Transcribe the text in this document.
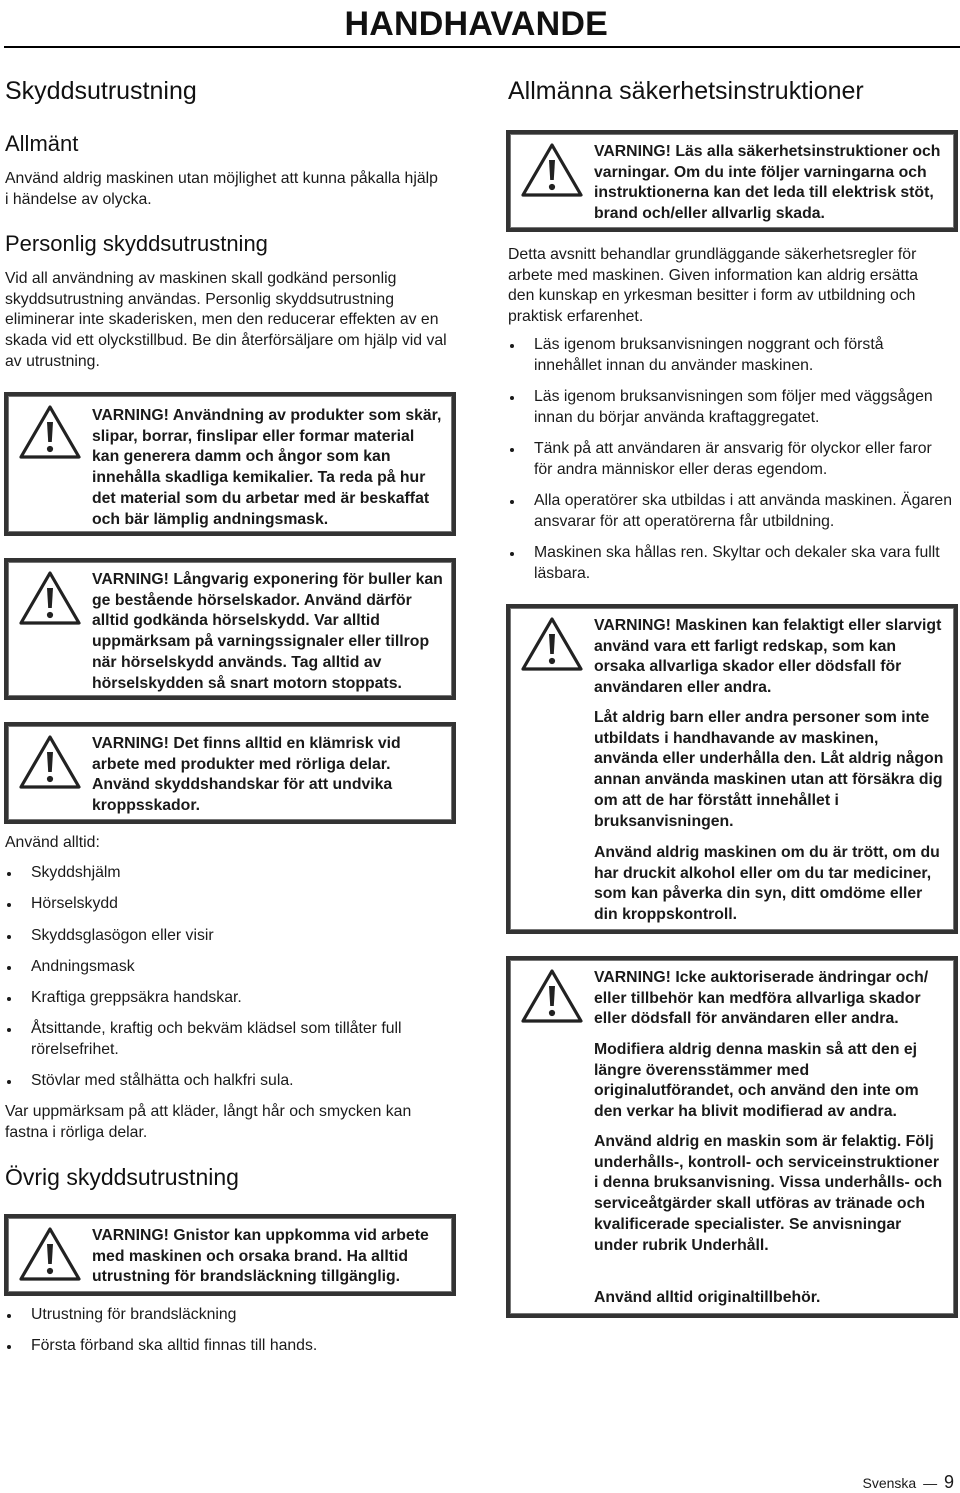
HANDHAVANDE
Skyddsutrustning
Allmänt
Använd aldrig maskinen utan möjlighet att kunna påkalla hjälp i händelse av olycka.
Personlig skyddsutrustning
Vid all användning av maskinen skall godkänd personlig skyddsutrustning användas. Personlig skyddsutrustning eliminerar inte skaderisken, men den reducerar effekten av en skada vid ett olyckstillbud. Be din återförsäljare om hjälp vid val av utrustning.
VARNING! Användning av produkter som skär, slipar, borrar, finslipar eller formar material kan generera damm och ångor som kan innehålla skadliga kemikalier. Ta reda på hur det material som du arbetar med är beskaffat och bär lämplig andningsmask.
VARNING! Långvarig exponering för buller kan ge bestående hörselskador. Använd därför alltid godkända hörselskydd. Var alltid uppmärksam på varningssignaler eller tillrop när hörselskydd används. Tag alltid av hörselskydden så snart motorn stoppats.
VARNING! Det finns alltid en klämrisk vid arbete med produkter med rörliga delar. Använd skyddshandskar för att undvika kroppsskador.
Använd alltid:
Skyddshjälm
Hörselskydd
Skyddsglasögon eller visir
Andningsmask
Kraftiga greppsäkra handskar.
Åtsittande, kraftig och bekväm klädsel som tillåter full rörelsefrihet.
Stövlar med stålhätta och halkfri sula.
Var uppmärksam på att kläder, långt hår och smycken kan fastna i rörliga delar.
Övrig skyddsutrustning
VARNING! Gnistor kan uppkomma vid arbete med maskinen och orsaka brand. Ha alltid utrustning för brandsläckning tillgänglig.
Utrustning för brandsläckning
Första förband ska alltid finnas till hands.
Allmänna säkerhetsinstruktioner
VARNING! Läs alla säkerhetsinstruktioner och varningar. Om du inte följer varningarna och instruktionerna kan det leda till elektrisk stöt, brand och/eller allvarlig skada.
Detta avsnitt behandlar grundläggande säkerhetsregler för arbete med maskinen. Given information kan aldrig ersätta den kunskap en yrkesman besitter i form av utbildning och praktisk erfarenhet.
Läs igenom bruksanvisningen noggrant och förstå innehållet innan du använder maskinen.
Läs igenom bruksanvisningen som följer med väggsågen innan du börjar använda kraftaggregatet.
Tänk på att användaren är ansvarig för olyckor eller faror för andra människor eller deras egendom.
Alla operatörer ska utbildas i att använda maskinen. Ägaren ansvarar för att operatörerna får utbildning.
Maskinen ska hållas ren. Skyltar och dekaler ska vara fullt läsbara.
VARNING! Maskinen kan felaktigt eller slarvigt använd vara ett farligt redskap, som kan orsaka allvarliga skador eller dödsfall för användaren eller andra.
Låt aldrig barn eller andra personer som inte utbildats i handhavande av maskinen, använda eller underhålla den. Låt aldrig någon annan använda maskinen utan att försäkra dig om att de har förstått innehållet i bruksanvisningen.
Använd aldrig maskinen om du är trött, om du har druckit alkohol eller om du tar mediciner, som kan påverka din syn, ditt omdöme eller din kroppskontroll.
VARNING! Icke auktoriserade ändringar och/ eller tillbehör kan medföra allvarliga skador eller dödsfall för användaren eller andra.
Modifiera aldrig denna maskin så att den ej längre överensstämmer med originalutförandet, och använd den inte om den verkar ha blivit modifierad av andra.
Använd aldrig en maskin som är felaktig. Följ underhålls-, kontroll- och serviceinstruktioner i denna bruksanvisning. Vissa underhålls- och serviceåtgärder skall utföras av tränade och kvalificerade specialister. Se anvisningar under rubrik Underhåll.
Använd alltid originaltillbehör.
Svenska — 9
